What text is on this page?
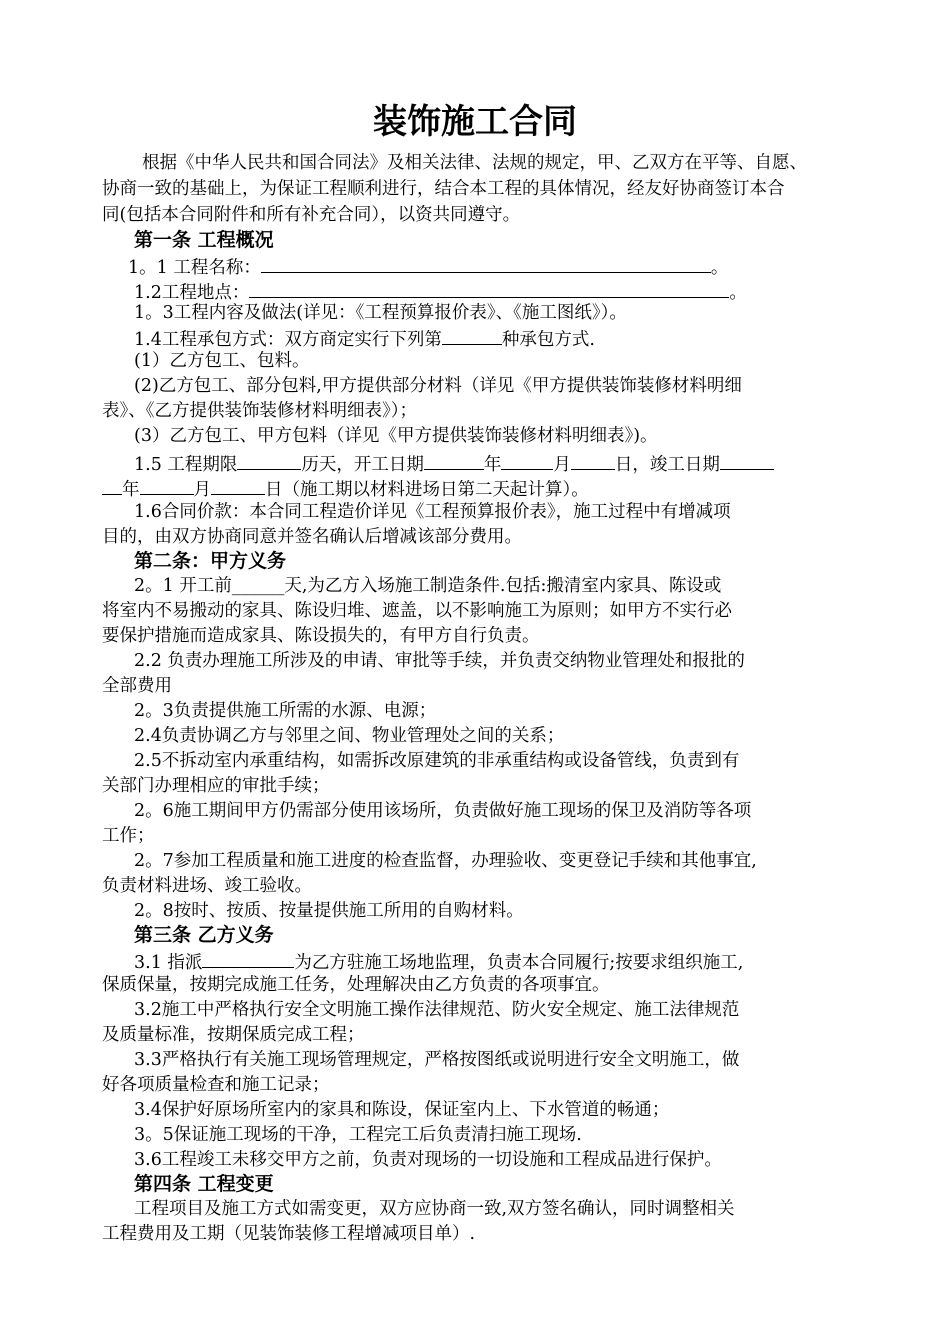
装饰施工合同
根据《中华人民共和国合同法》及相关法律、法规的规定，甲、乙双方在平等、自愿、
协商一致的基础上，为保证工程顺利进行，结合本工程的具体情况，经友好协商签订本合
同(包括本合同附件和所有补充合同），以资共同遵守。
第一条 工程概况
1。1 工程名称：	。
1.2工程地点：	。
1。3工程内容及做法(详见：《工程预算报价表》、《施工图纸》）。
1.4工程承包方式：双方商定实行下列第	种承包方式.
(1）乙方包工、包料。
(2)乙方包工、部分包料,甲方提供部分材料（详见《甲方提供装饰装修材料明细
表》、《乙方提供装饰装修材料明细表》）；
(3）乙方包工、甲方包料（详见《甲方提供装饰装修材料明细表》)。
1.5 工程期限	历天，开工日期	年	月	日，竣工日期
年	月	日（施工期以材料进场日第二天起计算）。
1.6合同价款：本合同工程造价详见《工程预算报价表》，施工过程中有增减项
目的，由双方协商同意并签名确认后增减该部分费用。
第二条：甲方义务
2。1 开工前______天,为乙方入场施工制造条件.包括:搬清室内家具、陈设或
将室内不易搬动的家具、陈设归堆、遮盖，以不影响施工为原则；如甲方不实行必
要保护措施而造成家具、陈设损失的，有甲方自行负责。
2.2 负责办理施工所涉及的申请、审批等手续，并负责交纳物业管理处和报批的
全部费用
2。3负责提供施工所需的水源、电源；
2.4负责协调乙方与邻里之间、物业管理处之间的关系；
2.5不拆动室内承重结构，如需拆改原建筑的非承重结构或设备管线，负责到有
关部门办理相应的审批手续；
2。6施工期间甲方仍需部分使用该场所，负责做好施工现场的保卫及消防等各项
工作；
2。7参加工程质量和施工进度的检查监督，办理验收、变更登记手续和其他事宜,
负责材料进场、竣工验收。
2。8按时、按质、按量提供施工所用的自购材料。
第三条 乙方义务
3.1 指派	为乙方驻施工场地监理，负责本合同履行;按要求组织施工,
保质保量，按期完成施工任务，处理解决由乙方负责的各项事宜。
3.2施工中严格执行安全文明施工操作法律规范、防火安全规定、施工法律规范
及质量标准，按期保质完成工程；
3.3严格执行有关施工现场管理规定，严格按图纸或说明进行安全文明施工，做
好各项质量检查和施工记录；
3.4保护好原场所室内的家具和陈设，保证室内上、下水管道的畅通；
3。5保证施工现场的干净，工程完工后负责清扫施工现场.
3.6工程竣工未移交甲方之前，负责对现场的一切设施和工程成品进行保护。
第四条 工程变更
工程项目及施工方式如需变更，双方应协商一致,双方签名确认，同时调整相关
工程费用及工期（见装饰装修工程增减项目单）.
